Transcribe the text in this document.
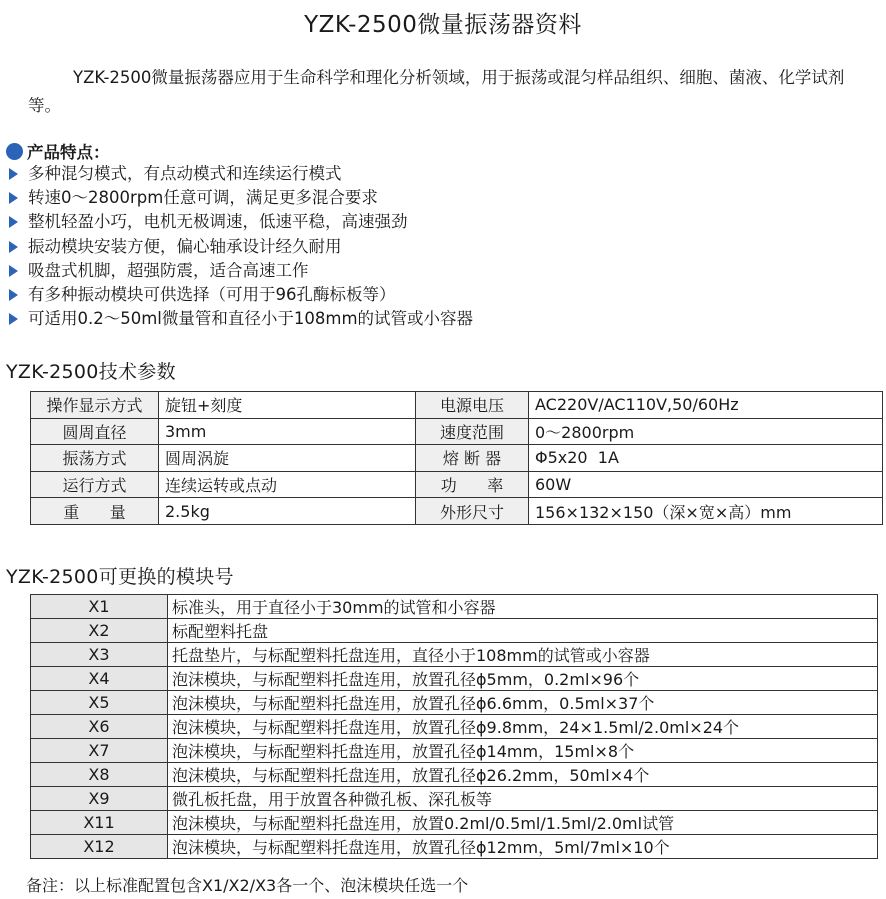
YZK-2500微量振荡器资料
YZK-2500微量振荡器应用于生命科学和理化分析领域，用于振荡或混匀样品组织、细胞、菌液、化学试剂等。
产品特点：
多种混匀模式，有点动模式和连续运行模式
转速0～2800rpm任意可调，满足更多混合要求
整机轻盈小巧，电机无极调速，低速平稳，高速强劲
振动模块安装方便，偏心轴承设计经久耐用
吸盘式机脚，超强防震，适合高速工作
有多种振动模块可供选择（可用于96孔酶标板等）
可适用0.2～50ml微量管和直径小于108mm的试管或小容器
YZK-2500技术参数
操作显示方式	旋钮+刻度	电源电压	AC220V/AC110V,50/60Hz
圆周直径	3mm	速度范围	0～2800rpm
振荡方式	圆周涡旋	熔 断 器	Φ5x20  1A
运行方式	连续运转或点动	功      率	60W
重      量	2.5kg	外形尺寸	156×132×150（深×宽×高）mm
YZK-2500可更换的模块号
X1	标准头，用于直径小于30mm的试管和小容器
X2	标配塑料托盘
X3	托盘垫片，与标配塑料托盘连用，直径小于108mm的试管或小容器
X4	泡沫模块，与标配塑料托盘连用，放置孔径ϕ5mm，0.2ml×96个
X5	泡沫模块，与标配塑料托盘连用，放置孔径ϕ6.6mm，0.5ml×37个
X6	泡沫模块，与标配塑料托盘连用，放置孔径ϕ9.8mm，24×1.5ml/2.0ml×24个
X7	泡沫模块，与标配塑料托盘连用，放置孔径ϕ14mm，15ml×8个
X8	泡沫模块，与标配塑料托盘连用，放置孔径ϕ26.2mm，50ml×4个
X9	微孔板托盘，用于放置各种微孔板、深孔板等
X11	泡沫模块，与标配塑料托盘连用，放置0.2ml/0.5ml/1.5ml/2.0ml试管
X12	泡沫模块，与标配塑料托盘连用，放置孔径ϕ12mm，5ml/7ml×10个
备注：以上标准配置包含X1/X2/X3各一个、泡沫模块任选一个
